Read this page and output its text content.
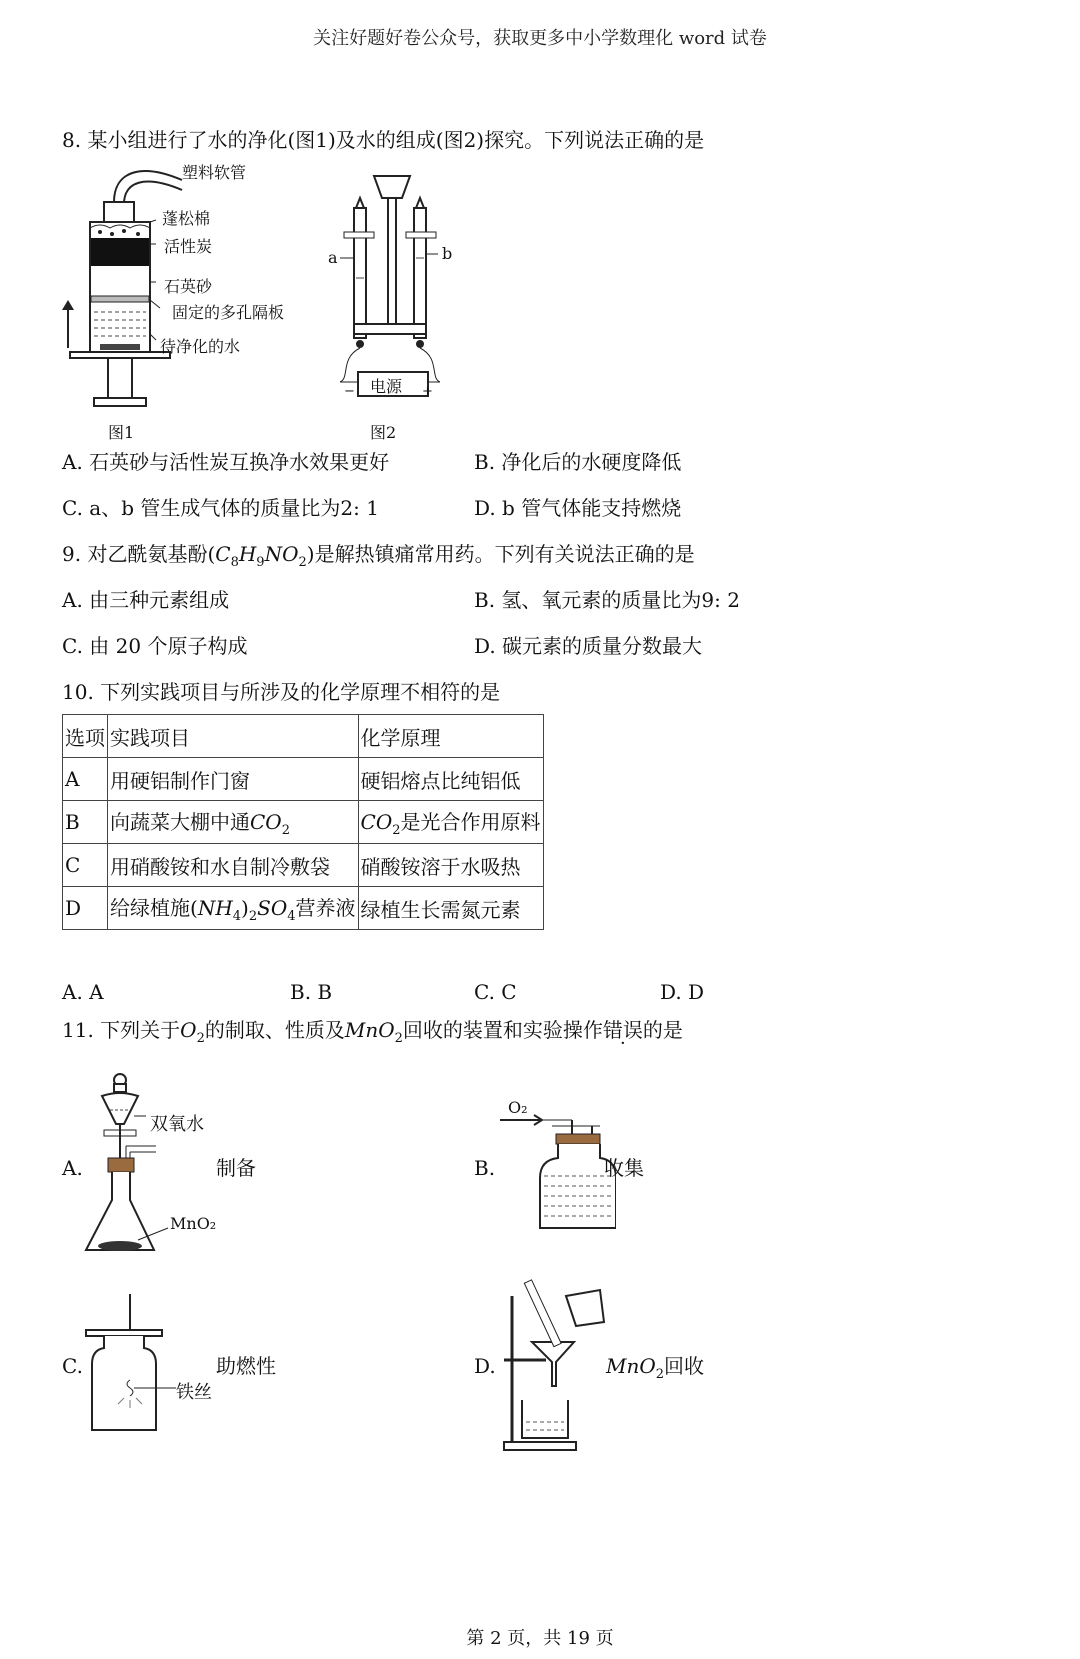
关注好题好卷公众号，获取更多中小学数理化 word 试卷
8. 某小组进行了水的净化(图1)及水的组成(图2)探究。下列说法正确的是
塑料软管
蓬松棉
活性炭
石英砂
固定的多孔隔板
待净化的水
图1
a	b
电源
−	+
图2
A. 石英砂与活性炭互换净水效果更好	B. 净化后的水硬度降低
C. a、b 管生成气体的质量比为2: 1	D. b 管气体能支持燃烧
9. 对乙酰氨基酚$(C_8H_9NO_2)$是解热镇痛常用药。下列有关说法正确的是
A. 由三种元素组成	B. 氢、氧元素的质量比为9: 2
C. 由 20 个原子构成	D. 碳元素的质量分数最大
10. 下列实践项目与所涉及的化学原理不相符的是
选项	实践项目	化学原理
A	用硬铝制作门窗	硬铝熔点比纯铝低
B	向蔬菜大棚中通$CO_2$	$CO_2$是光合作用原料
C	用硝酸铵和水自制冷敷袋	硝酸铵溶于水吸热
D	给绿植施$(NH_4)_2SO_4$营养液	绿植生长需氮元素
A. A	B. B	C. C	D. D
11. 下列关于$O_2$的制取、性质及MnO$_2$回收的装置和实验操作错误的是
A.
双氧水
MnO₂
制备	B.
O₂
收集
C.
铁丝
助燃性	D.	MnO$_2$回收
第 2 页，共 19 页
